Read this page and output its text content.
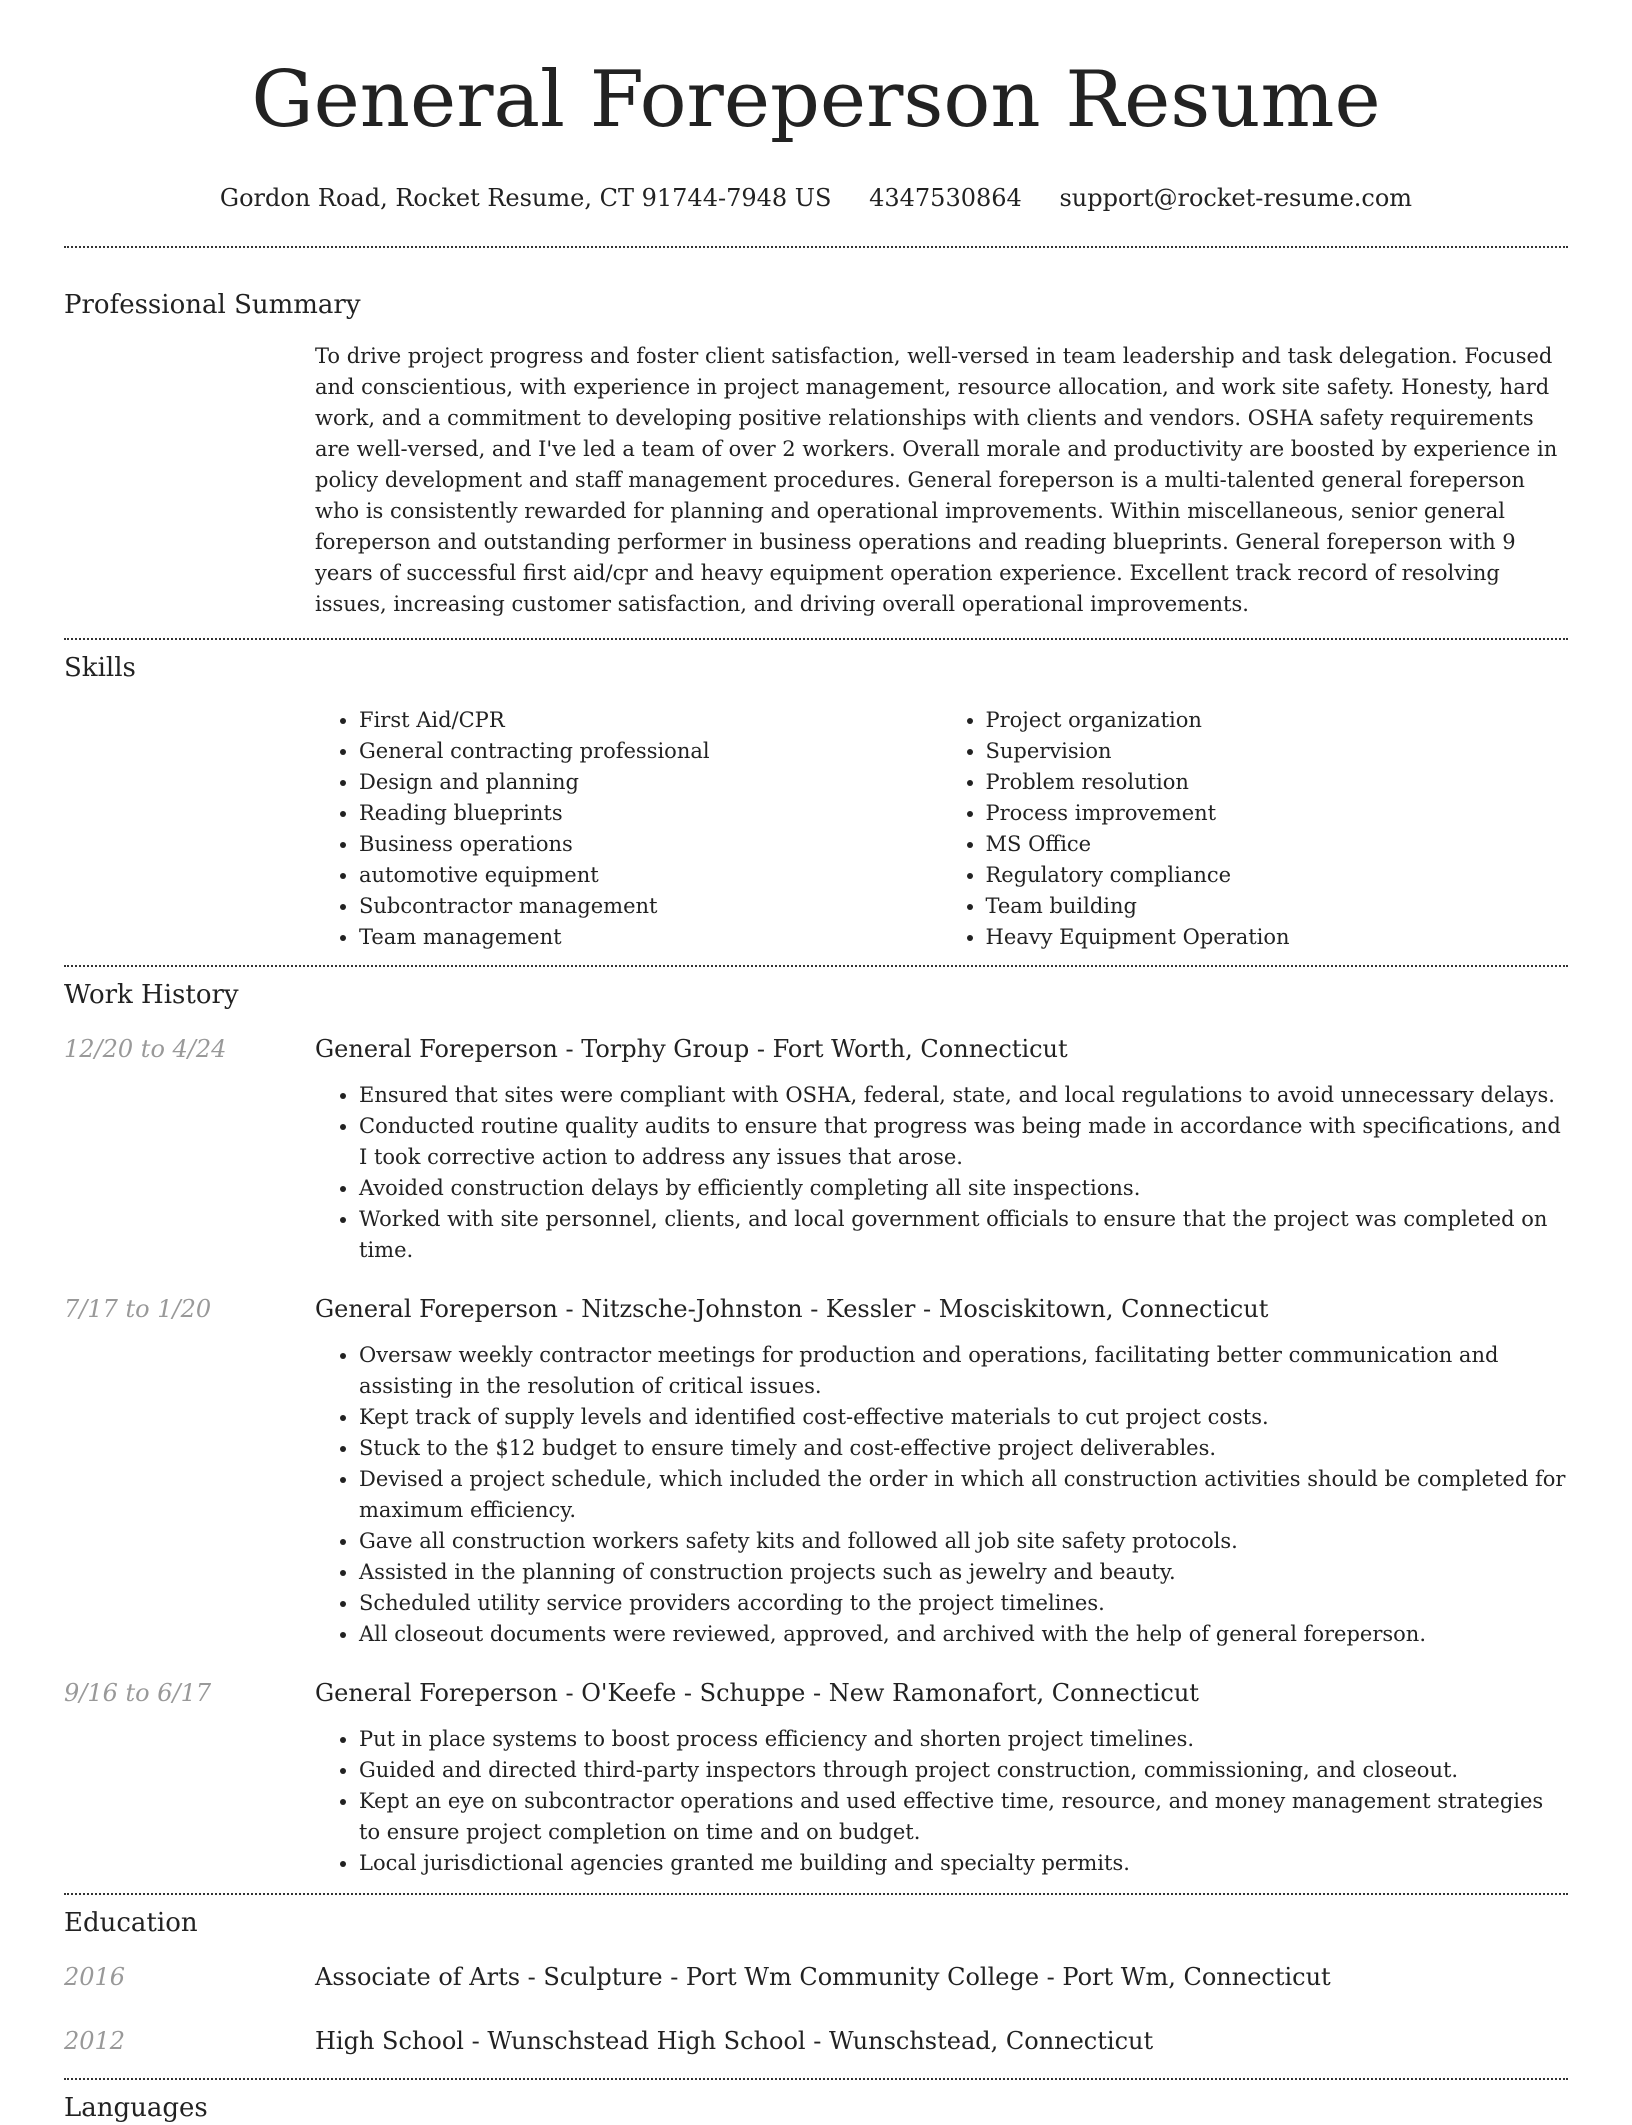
General Foreperson Resume
Gordon Road, Rocket Resume, CT 91744-7948 US 4347530864 support@rocket-resume.com
Professional Summary

To drive project progress and foster client satisfaction, well-versed in team leadership and task delegation. Focused and conscientious, with experience in project management, resource allocation, and work site safety. Honesty, hard work, and a commitment to developing positive relationships with clients and vendors. OSHA safety requirements are well-versed, and I've led a team of over 2 workers. Overall morale and productivity are boosted by experience in policy development and staff management procedures. General foreperson is a multi-talented general foreperson who is consistently rewarded for planning and operational improvements. Within miscellaneous, senior general foreperson and outstanding performer in business operations and reading blueprints. General foreperson with 9 years of successful first aid/cpr and heavy equipment operation experience. Excellent track record of resolving issues, increasing customer satisfaction, and driving overall operational improvements.

Skills
• First Aid/CPR
• General contracting professional
• Design and planning
• Reading blueprints
• Business operations
• automotive equipment
• Subcontractor management
• Team management
• Project organization
• Supervision
• Problem resolution
• Process improvement
• MS Office
• Regulatory compliance
• Team building
• Heavy Equipment Operation
Work History
12/20 to 4/24	General Foreperson - Torphy Group - Fort Worth, Connecticut
• Ensured that sites were compliant with OSHA, federal, state, and local regulations to avoid unnecessary delays.
• Conducted routine quality audits to ensure that progress was being made in accordance with specifications, and I took corrective action to address any issues that arose.
• Avoided construction delays by efficiently completing all site inspections.
• Worked with site personnel, clients, and local government officials to ensure that the project was completed on time.
7/17 to 1/20	General Foreperson - Nitzsche-Johnston - Kessler - Mosciskitown, Connecticut
• Oversaw weekly contractor meetings for production and operations, facilitating better communication and assisting in the resolution of critical issues.
• Kept track of supply levels and identified cost-effective materials to cut project costs.
• Stuck to the $12 budget to ensure timely and cost-effective project deliverables.
• Devised a project schedule, which included the order in which all construction activities should be completed for maximum efficiency.
• Gave all construction workers safety kits and followed all job site safety protocols.
• Assisted in the planning of construction projects such as jewelry and beauty.
• Scheduled utility service providers according to the project timelines.
• All closeout documents were reviewed, approved, and archived with the help of general foreperson.
9/16 to 6/17	General Foreperson - O'Keefe - Schuppe - New Ramonafort, Connecticut
• Put in place systems to boost process efficiency and shorten project timelines.
• Guided and directed third-party inspectors through project construction, commissioning, and closeout.
• Kept an eye on subcontractor operations and used effective time, resource, and money management strategies to ensure project completion on time and on budget.
• Local jurisdictional agencies granted me building and specialty permits.
Education
2016	Associate of Arts - Sculpture - Port Wm Community College - Port Wm, Connecticut
2012	High School - Wunschstead High School - Wunschstead, Connecticut
Languages
